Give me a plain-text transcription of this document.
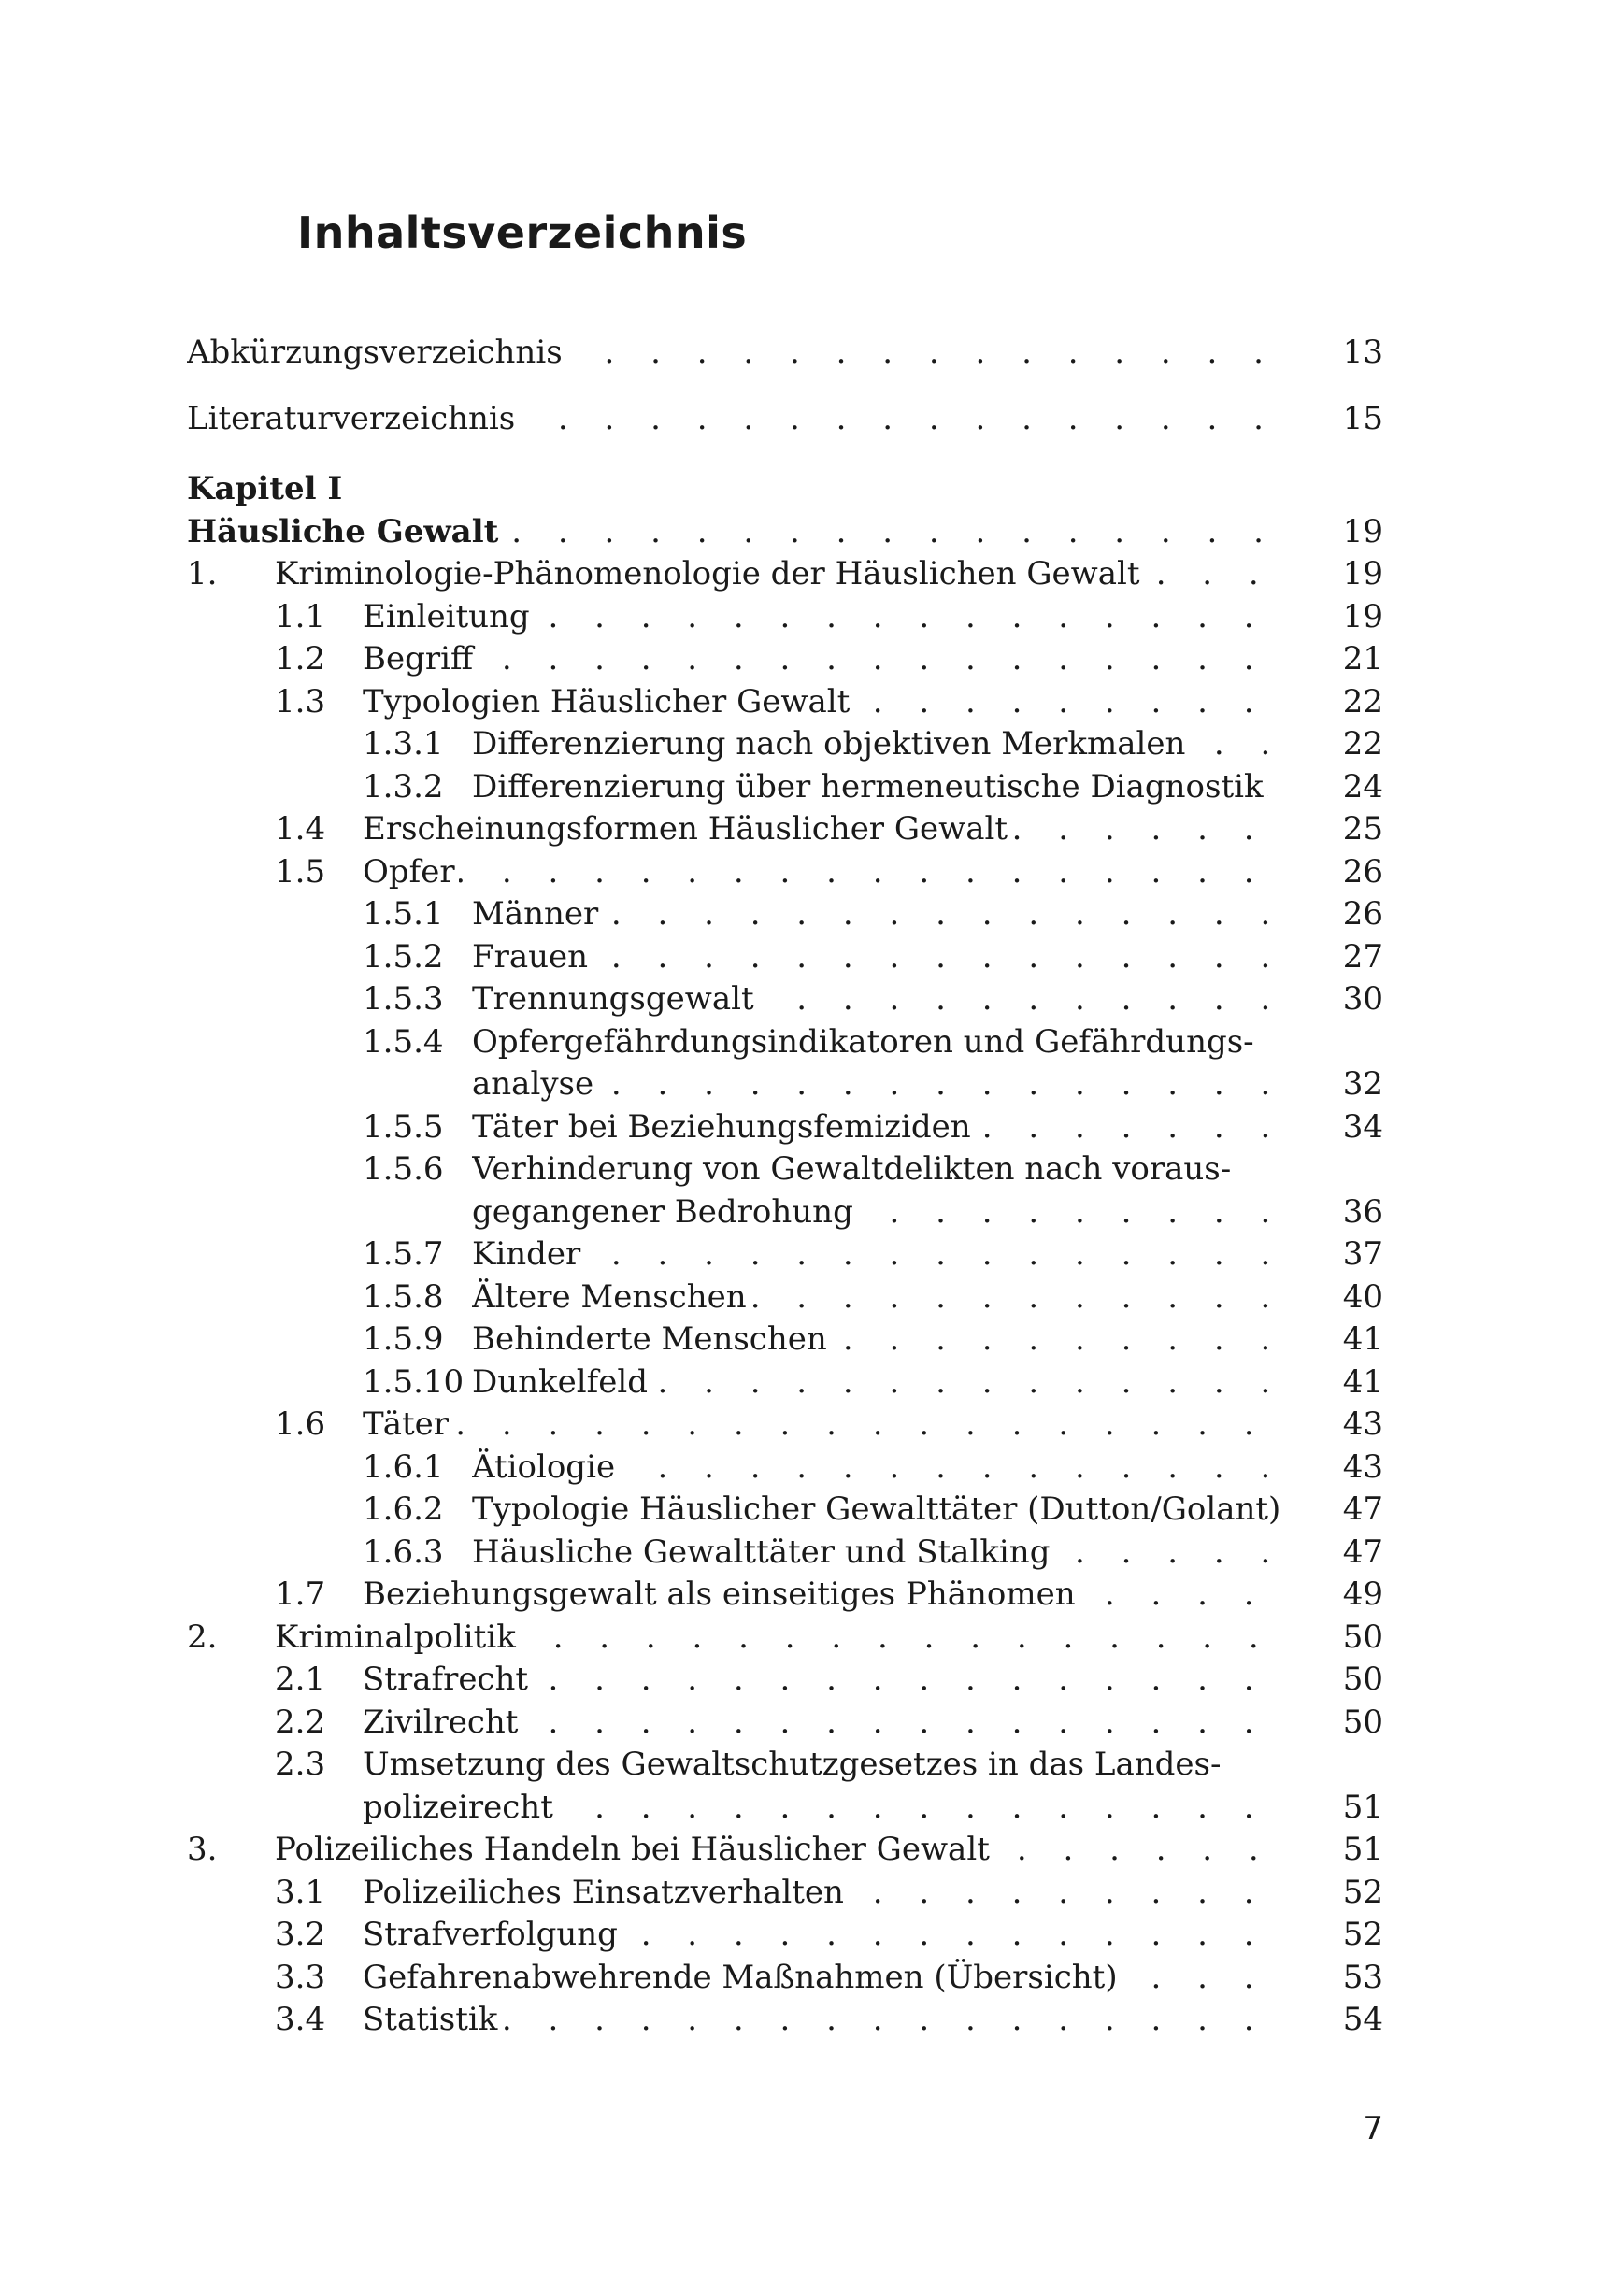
Inhaltsverzeichnis
Abkürzungsverzeichnis . . .	13
Literaturverzeichnis . . .	15
Kapitel I
Häusliche Gewalt . . .	19
1. Kriminologie-Phänomenologie der Häuslichen Gewalt . . .	19
1.1 Einleitung . . .	19
1.2 Begriff . . .	21
1.3 Typologien Häuslicher Gewalt . . .	22
1.3.1 Differenzierung nach objektiven Merkmalen . . .	22
1.3.2 Differenzierung über hermeneutische Diagnostik . . .	24
1.4 Erscheinungsformen Häuslicher Gewalt . . .	25
1.5 Opfer . . .	26
1.5.1 Männer . . .	26
1.5.2 Frauen . . .	27
1.5.3 Trennungsgewalt . . .	30
1.5.4 Opfergefährdungsindikatoren und Gefährdungs-
analyse . . .	32
1.5.5 Täter bei Beziehungsfemiziden . . .	34
1.5.6 Verhinderung von Gewaltdelikten nach voraus-
gegangener Bedrohung . . .	36
1.5.7 Kinder . . .	37
1.5.8 Ältere Menschen . . .	40
1.5.9 Behinderte Menschen . . .	41
1.5.10 Dunkelfeld . . .	41
1.6 Täter . . .	43
1.6.1 Ätiologie . . .	43
1.6.2 Typologie Häuslicher Gewalttäter (Dutton/Golant) . . .	47
1.6.3 Häusliche Gewalttäter und Stalking . . .	47
1.7 Beziehungsgewalt als einseitiges Phänomen . . .	49
2. Kriminalpolitik . . .	50
2.1 Strafrecht . . .	50
2.2 Zivilrecht . . .	50
2.3 Umsetzung des Gewaltschutzgesetzes in das Landes-
polizeirecht . . .	51
3. Polizeiliches Handeln bei Häuslicher Gewalt . . .	51
3.1 Polizeiliches Einsatzverhalten . . .	52
3.2 Strafverfolgung . . .	52
3.3 Gefahrenabwehrende Maßnahmen (Übersicht) . . .	53
3.4 Statistik . . .	54
7
